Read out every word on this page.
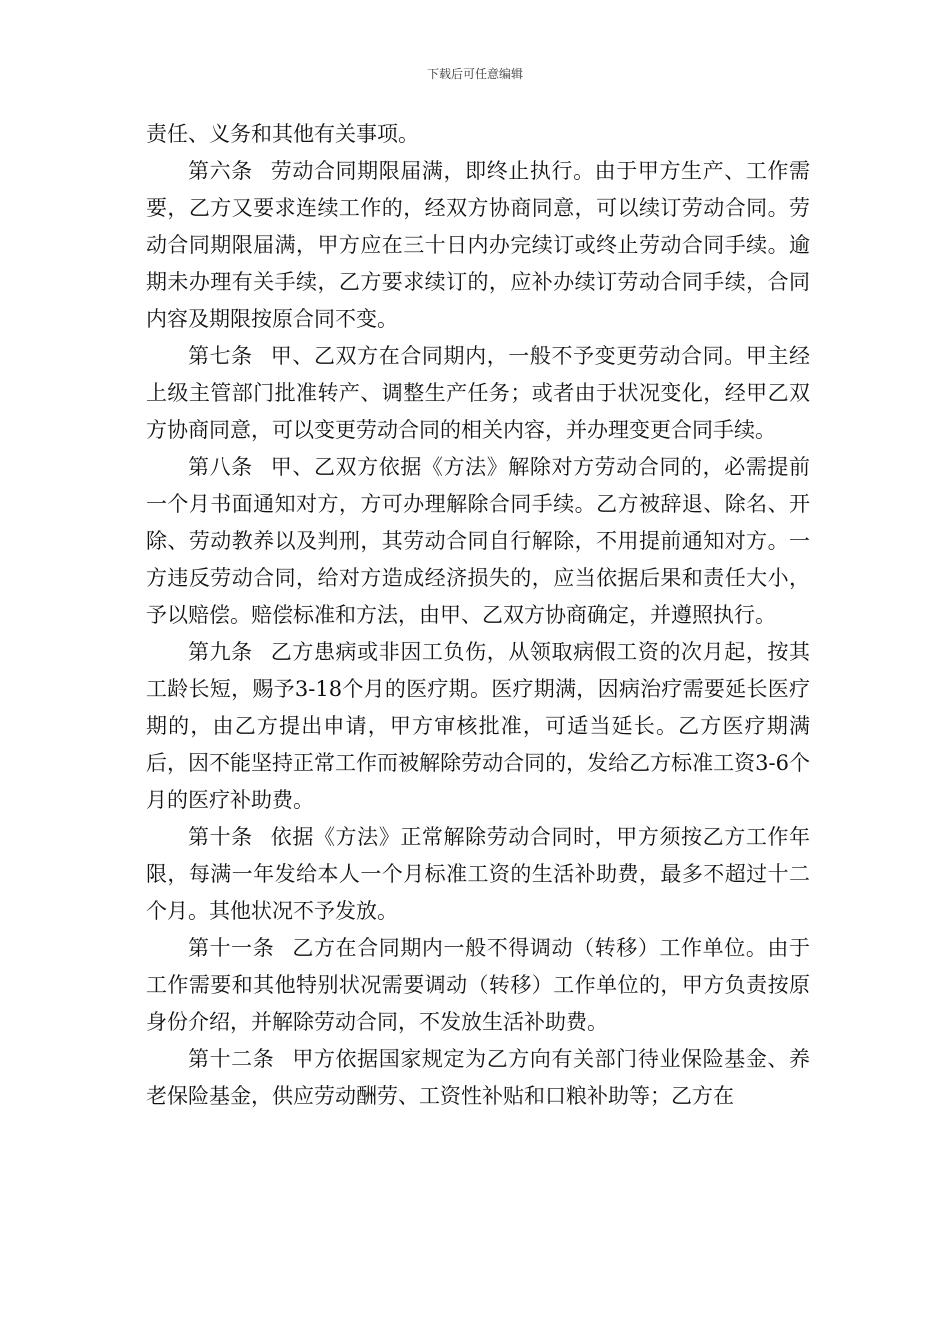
下载后可任意编辑

责任、义务和其他有关事项。

第六条 劳动合同期限届满，即终止执行。由于甲方生产、工作需要，乙方又要求连续工作的，经双方协商同意，可以续订劳动合同。劳动合同期限届满，甲方应在三十日内办完续订或终止劳动合同手续。逾期未办理有关手续，乙方要求续订的，应补办续订劳动合同手续，合同内容及期限按原合同不变。

第七条 甲、乙双方在合同期内，一般不予变更劳动合同。甲主经上级主管部门批准转产、调整生产任务；或者由于状况变化，经甲乙双方协商同意，可以变更劳动合同的相关内容，并办理变更合同手续。

第八条 甲、乙双方依据《方法》解除对方劳动合同的，必需提前一个月书面通知对方，方可办理解除合同手续。乙方被辞退、除名、开除、劳动教养以及判刑，其劳动合同自行解除，不用提前通知对方。一方违反劳动合同，给对方造成经济损失的，应当依据后果和责任大小，予以赔偿。赔偿标准和方法，由甲、乙双方协商确定，并遵照执行。

第九条 乙方患病或非因工负伤，从领取病假工资的次月起，按其工龄长短，赐予3-18个月的医疗期。医疗期满，因病治疗需要延长医疗期的，由乙方提出申请，甲方审核批准，可适当延长。乙方医疗期满后，因不能坚持正常工作而被解除劳动合同的，发给乙方标准工资3-6个月的医疗补助费。

第十条 依据《方法》正常解除劳动合同时，甲方须按乙方工作年限，每满一年发给本人一个月标准工资的生活补助费，最多不超过十二个月。其他状况不予发放。

第十一条 乙方在合同期内一般不得调动（转移）工作单位。由于工作需要和其他特别状况需要调动（转移）工作单位的，甲方负责按原身份介绍，并解除劳动合同，不发放生活补助费。

第十二条 甲方依据国家规定为乙方向有关部门待业保险基金、养老保险基金，供应劳动酬劳、工资性补贴和口粮补助等；乙方在
